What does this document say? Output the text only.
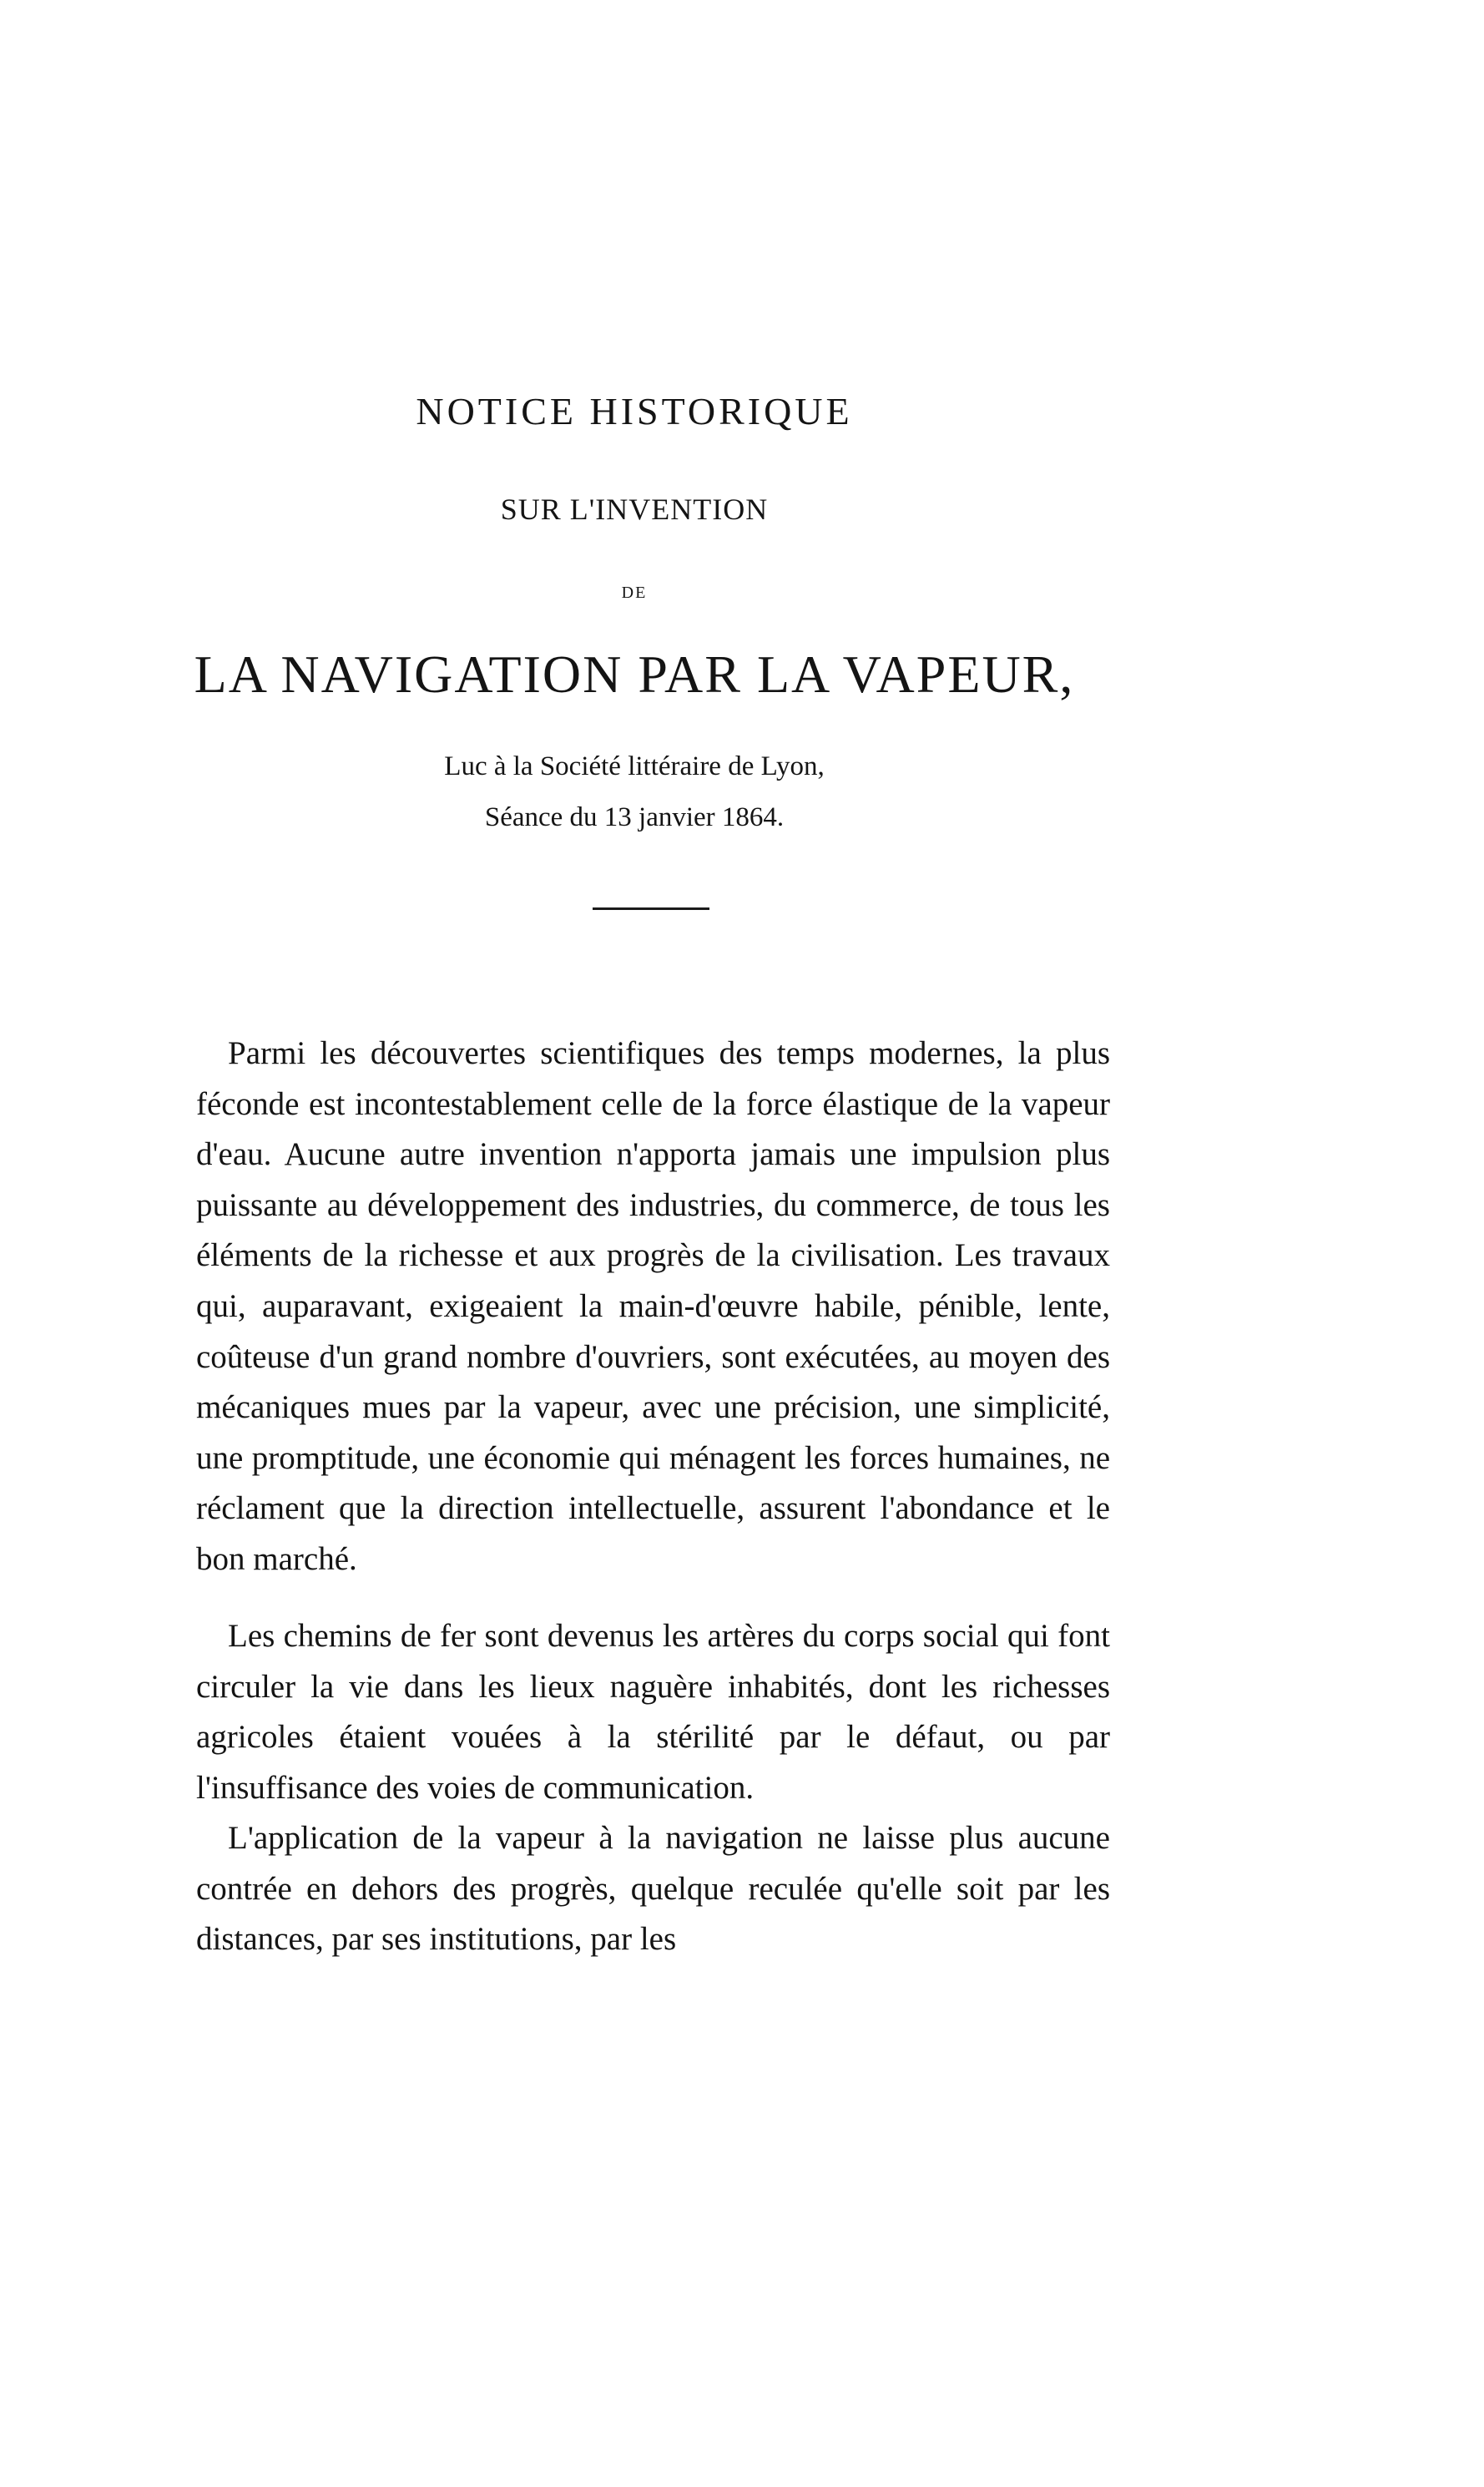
NOTICE HISTORIQUE
SUR L'INVENTION
DE
LA NAVIGATION PAR LA VAPEUR,
Luc à la Société littéraire de Lyon,
Séance du 13 janvier 1864.

Parmi les découvertes scientifiques des temps modernes, la plus féconde est incontestablement celle de la force élastique de la vapeur d'eau. Aucune autre invention n'apporta jamais une impulsion plus puissante au développement des industries, du commerce, de tous les éléments de la richesse et aux progrès de la civilisation. Les travaux qui, auparavant, exigeaient la main-d'œuvre habile, pénible, lente, coûteuse d'un grand nombre d'ouvriers, sont exécutées, au moyen des mécaniques mues par la vapeur, avec une précision, une simplicité, une promptitude, une économie qui ménagent les forces humaines, ne réclament que la direction intellectuelle, assurent l'abondance et le bon marché.

Les chemins de fer sont devenus les artères du corps social qui font circuler la vie dans les lieux naguère inhabités, dont les richesses agricoles étaient vouées à la stérilité par le défaut, ou par l'insuffisance des voies de communication.

L'application de la vapeur à la navigation ne laisse plus aucune contrée en dehors des progrès, quelque reculée qu'elle soit par les distances, par ses institutions, par les
